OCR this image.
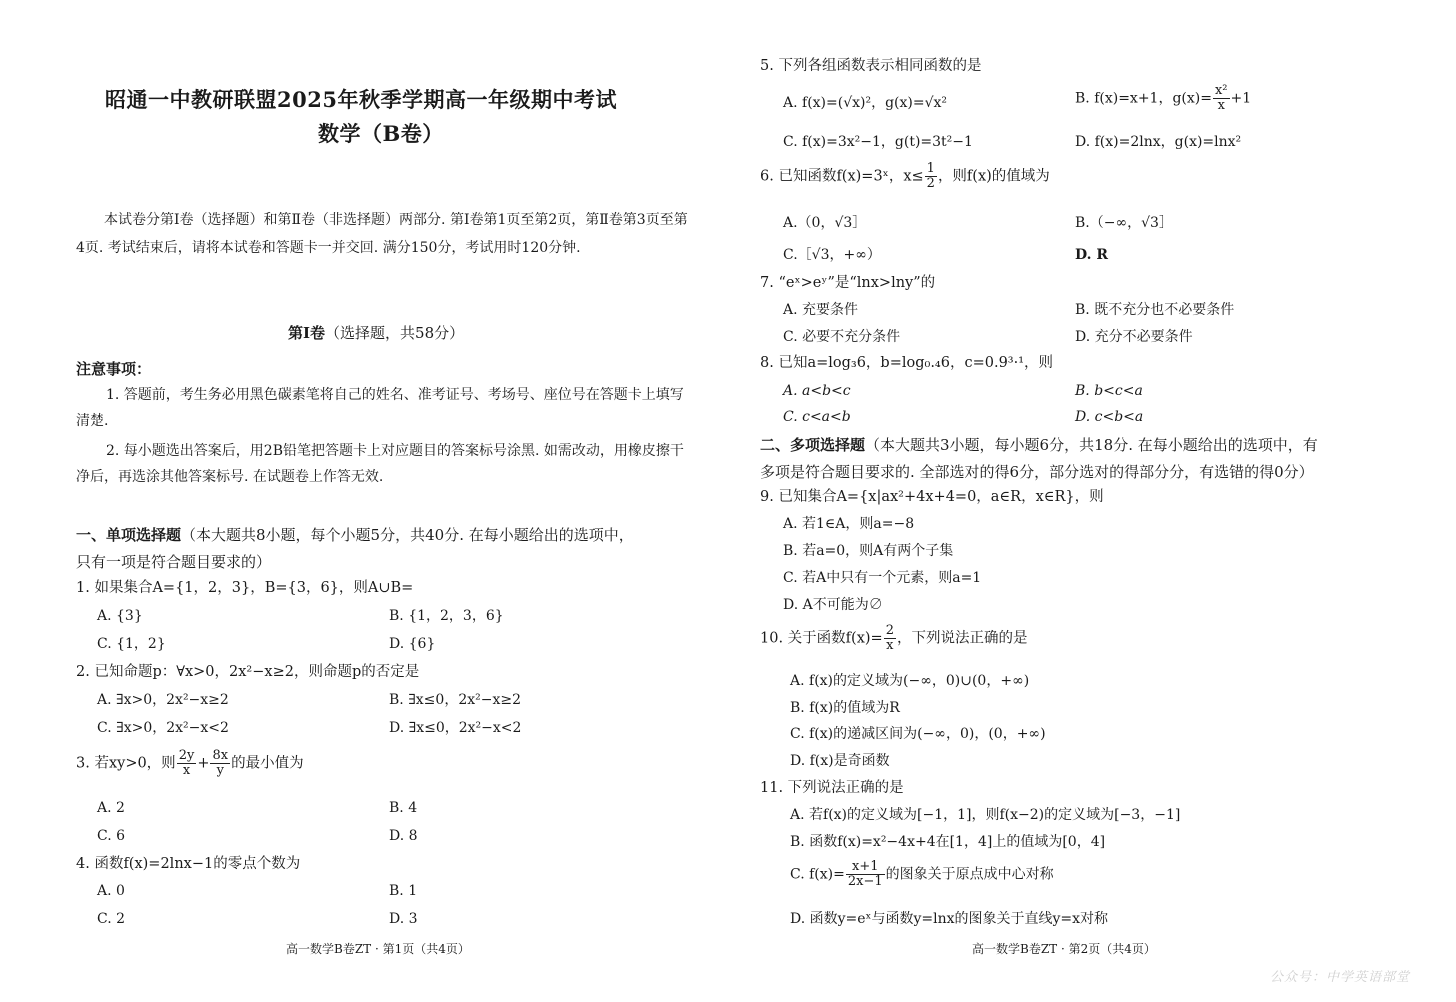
昭通一中教研联盟2025年秋季学期高一年级期中考试
数学（B卷）
本试卷分第Ⅰ卷（选择题）和第Ⅱ卷（非选择题）两部分. 第Ⅰ卷第1页至第2页，第Ⅱ卷第3页至第4页. 考试结束后，请将本试卷和答题卡一并交回. 满分150分，考试用时120分钟.
第Ⅰ卷（选择题，共58分）
注意事项：
1. 答题前，考生务必用黑色碳素笔将自己的姓名、准考证号、考场号、座位号在答题卡上填写清楚.
2. 每小题选出答案后，用2B铅笔把答题卡上对应题目的答案标号涂黑. 如需改动，用橡皮擦干净后，再选涂其他答案标号. 在试题卷上作答无效.
一、单项选择题（本大题共8小题，每个小题5分，共40分. 在每小题给出的选项中，
只有一项是符合题目要求的）
1. 如果集合A={1，2，3}，B={3，6}，则A∪B=
A. {3}	B. {1，2，3，6}
C. {1，2}	D. {6}
2. 已知命题p：∀x>0，2x²−x≥2，则命题p的否定是
A. ∃x>0，2x²−x≥2	B. ∃x≤0，2x²−x≥2
C. ∃x>0，2x²−x<2	D. ∃x≤0，2x²−x<2
3. 若xy>0，则 $\frac{2y}{x} + \frac{8x}{y}$ 的最小值为
A. 2	B. 4
C. 6	D. 8
4. 函数f(x)=2lnx−1的零点个数为
A. 0	B. 1
C. 2	D. 3
高一数学B卷ZT · 第1页（共4页）
5. 下列各组函数表示相同函数的是
A. f(x)=(√x)²，g(x)=√x²	B. f(x)=x+1，$g(x)= \frac{\text{x²}}{x} +1$
C. f(x)=3x²−1，g(t)=3t²−1	D. f(x)=2lnx，g(x)=lnx²
6. 已知函数f(x)=3ˣ，$x\le \frac{1}{2}$ ，则f(x)的值域为
A.（0，√3］	B.（−∞，√3］
C.［√3，+∞）	D. R
7. “eˣ>eʸ”是“lnx>lny”的
A. 充要条件	B. 既不充分也不必要条件
C. 必要不充分条件	D. 充分不必要条件
8. 已知a=log₃6，b=log₀.₄6，c=0.9³·¹，则
A. a<b<c	B. b<c<a
C. c<a<b	D. c<b<a
二、多项选择题（本大题共3小题，每小题6分，共18分. 在每小题给出的选项中，有
多项是符合题目要求的. 全部选对的得6分，部分选对的得部分分，有选错的得0分）
9. 已知集合A={x|ax²+4x+4=0，a∈R，x∈R}，则
A. 若1∈A，则a=−8
B. 若a=0，则A有两个子集
C. 若A中只有一个元素，则a=1
D. A不可能为∅
10. 关于函数$f(x)= \frac{2}{x}$ ，下列说法正确的是
A. f(x)的定义域为(−∞，0)∪(0，+∞)
B. f(x)的值域为R
C. f(x)的递减区间为(−∞，0)，(0，+∞)
D. f(x)是奇函数
11. 下列说法正确的是
A. 若f(x)的定义域为[−1，1]，则f(x−2)的定义域为[−3，−1]
B. 函数f(x)=x²−4x+4在[1，4]上的值域为[0，4]
C. $f(x)= \frac{x+1}{2x-1}$ 的图象关于原点成中心对称
D. 函数y=eˣ与函数y=lnx的图象关于直线y=x对称
高一数学B卷ZT · 第2页（共4页）
公众号：中学英语部堂
